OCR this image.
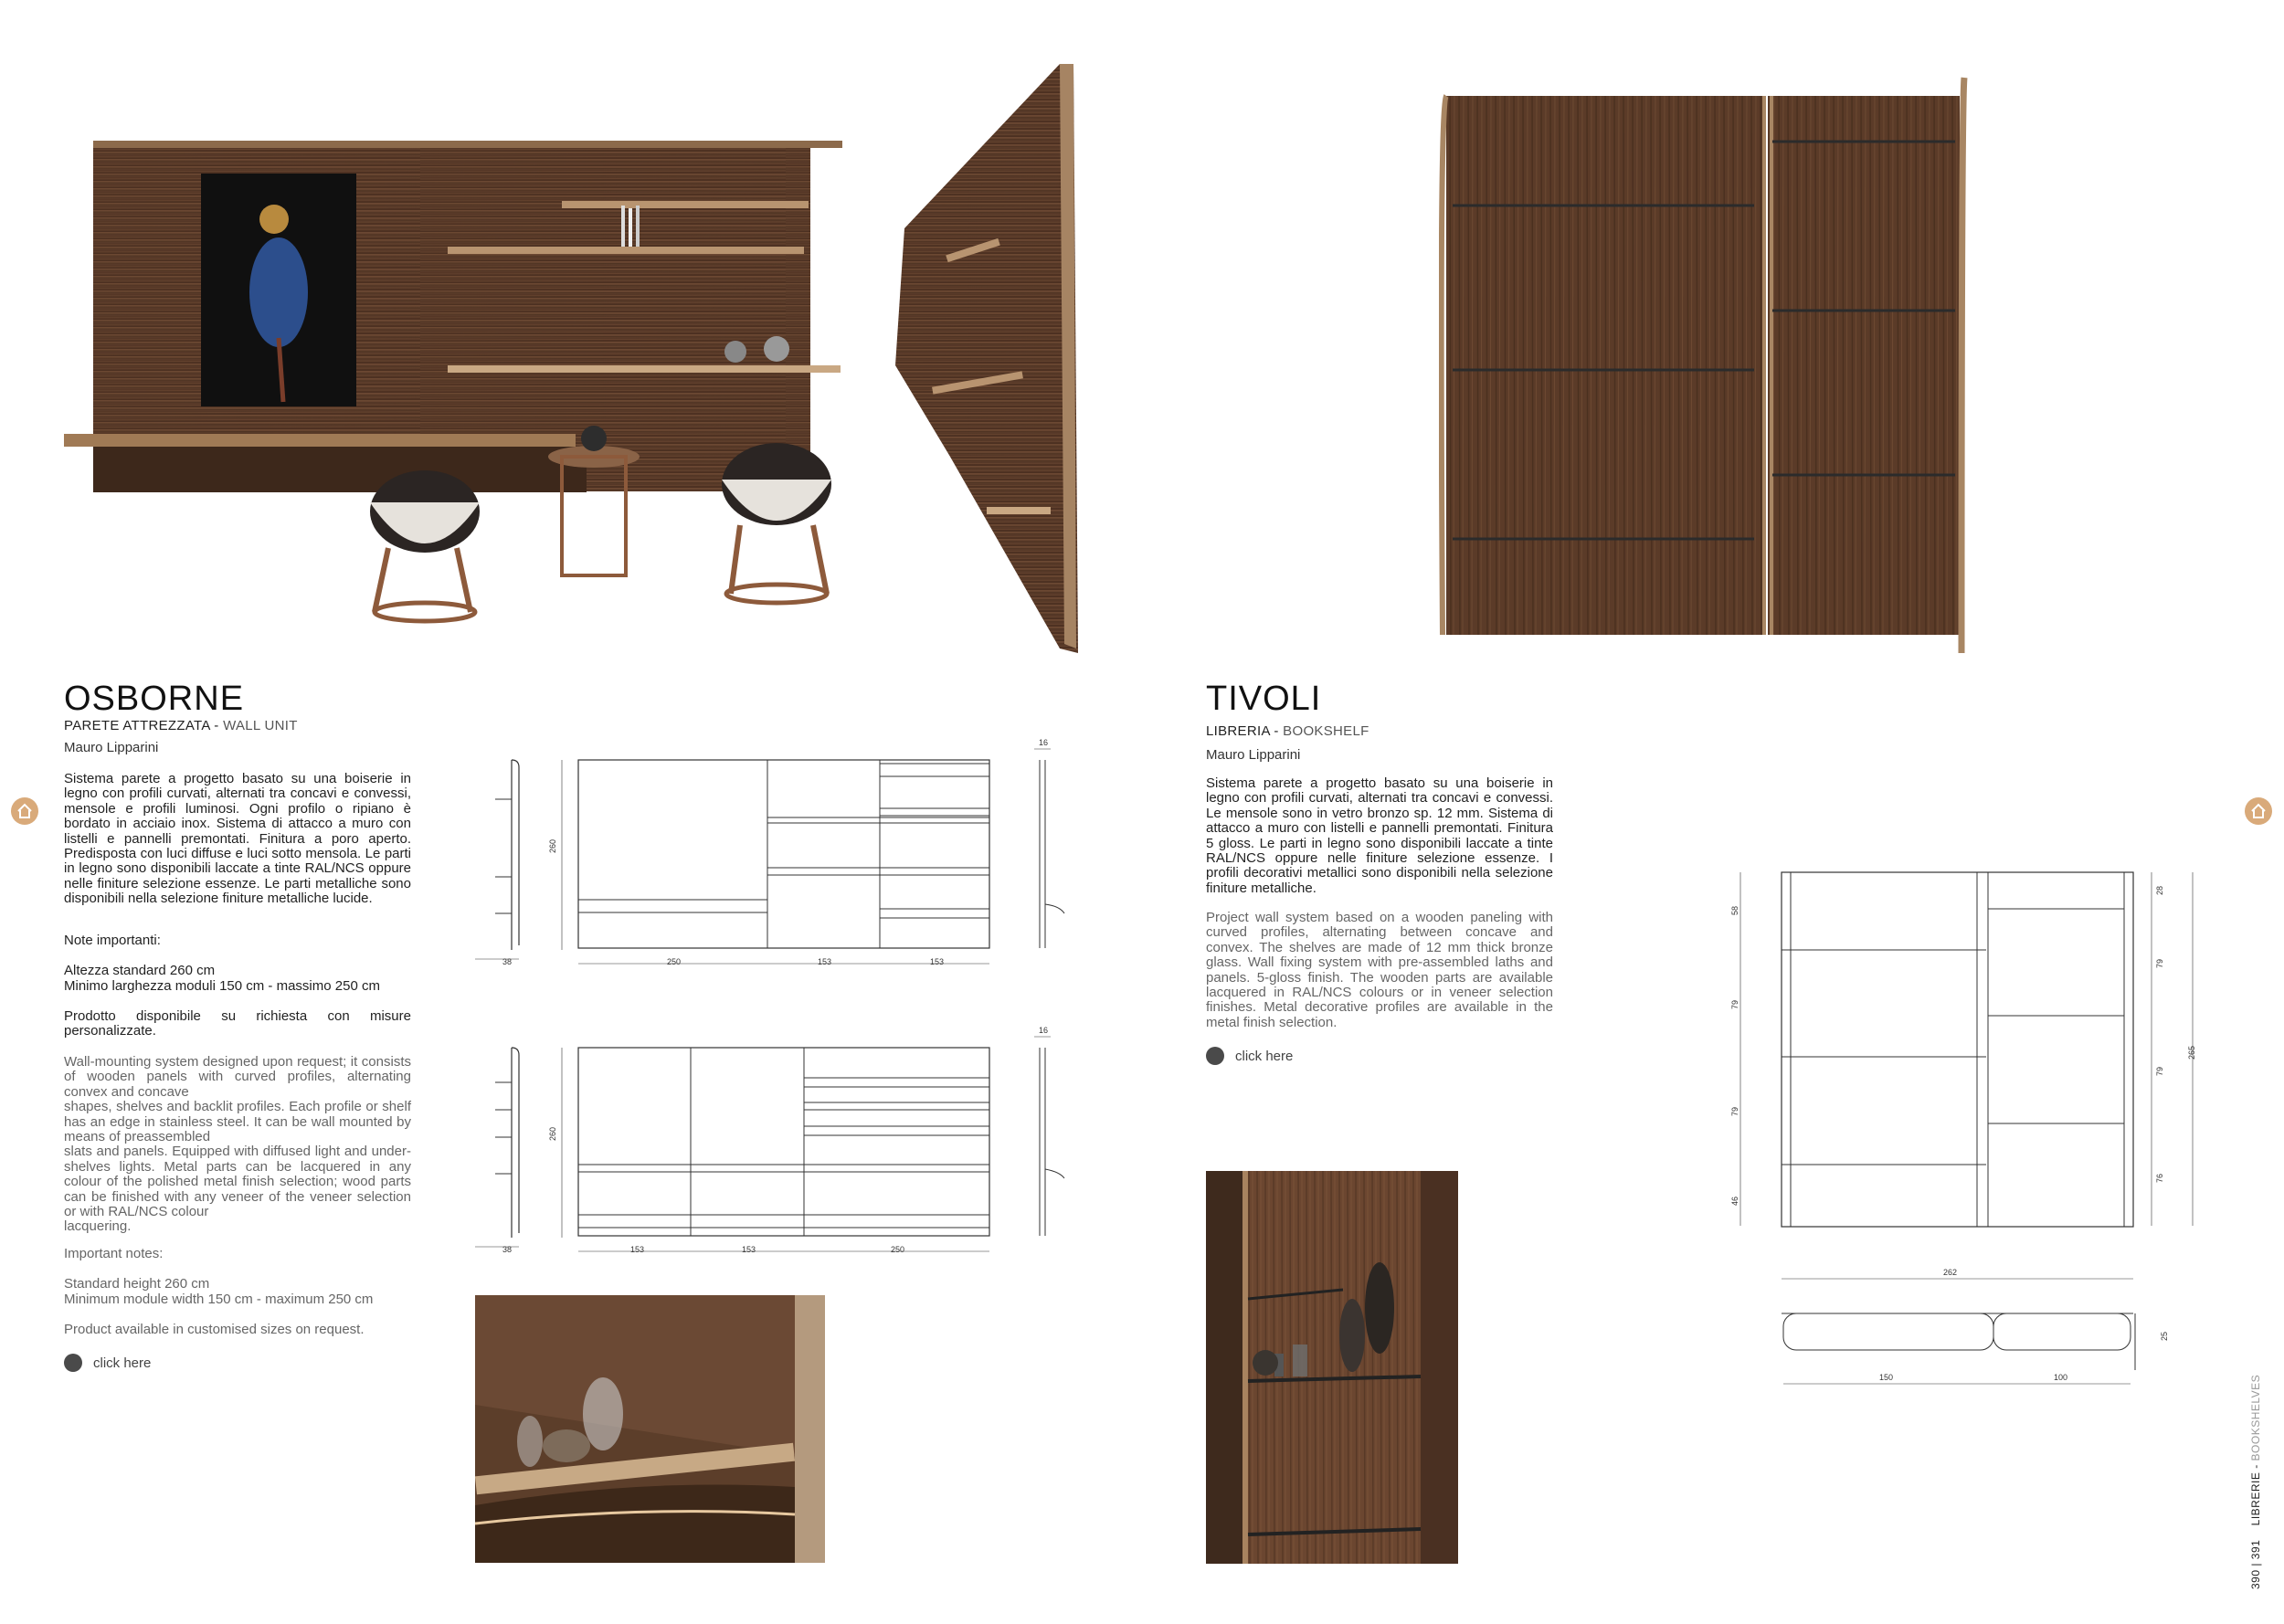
OSBORNE
PARETE ATTREZZATA - WALL UNIT
Mauro Lipparini
Sistema parete a progetto basato su una boiserie in legno con profili curvati, alternati tra concavi e convessi, mensole e profili luminosi. Ogni profilo o ripiano è bordato in acciaio inox. Sistema di attacco a muro con listelli e pannelli premontati. Finitura a poro aperto. Predisposta con luci diffuse e luci sotto mensola. Le parti in legno sono disponibili laccate a tinte RAL/NCS oppure nelle finiture selezione essenze. Le parti metalliche sono disponibili nella selezione finiture metalliche lucide.
Note importanti:
Altezza standard 260 cm
Minimo larghezza moduli 150 cm - massimo 250 cm
Prodotto disponibile su richiesta con misure personalizzate.
Wall-mounting system designed upon request; it consists of wooden panels with curved profiles, alternating convex and concave
shapes, shelves and backlit profiles. Each profile or shelf has an edge in stainless steel. It can be wall mounted by means of preassembled
slats and panels. Equipped with diffused light and under-shelves lights. Metal parts can be lacquered in any colour of the polished metal finish selection; wood parts can be finished with any veneer of the veneer selection or with RAL/NCS colour
lacquering.
Important notes:
Standard height 260 cm
Minimum module width 150 cm - maximum 250 cm
Product available in customised sizes on request.
click here
38
260
250	153	153
16
38
260
153	153	250
16
TIVOLI
LIBRERIA - BOOKSHELF
Mauro Lipparini
Sistema parete a progetto basato su una boiserie in legno con profili curvati, alternati tra concavi e convessi. Le mensole sono in vetro bronzo sp. 12 mm. Sistema di attacco a muro con listelli e pannelli premontati. Finitura 5 gloss. Le parti in legno sono disponibili laccate a tinte RAL/NCS oppure nelle finiture selezione essenze. I profili decorativi metallici sono disponibili nella selezione finiture metalliche.
Project wall system based on a wooden paneling with curved profiles, alternating between concave and convex. The shelves are made of 12 mm thick bronze glass. Wall fixing system with pre-assembled laths and panels. 5-gloss finish. The wooden parts are available lacquered in RAL/NCS colours or in veneer selection finishes. Metal decorative profiles are available in the metal finish selection.
click here
58
79
79
46
28
79
79
76
265
262
25
150	100
390 | 391    LIBRERIE - BOOKSHELVES
